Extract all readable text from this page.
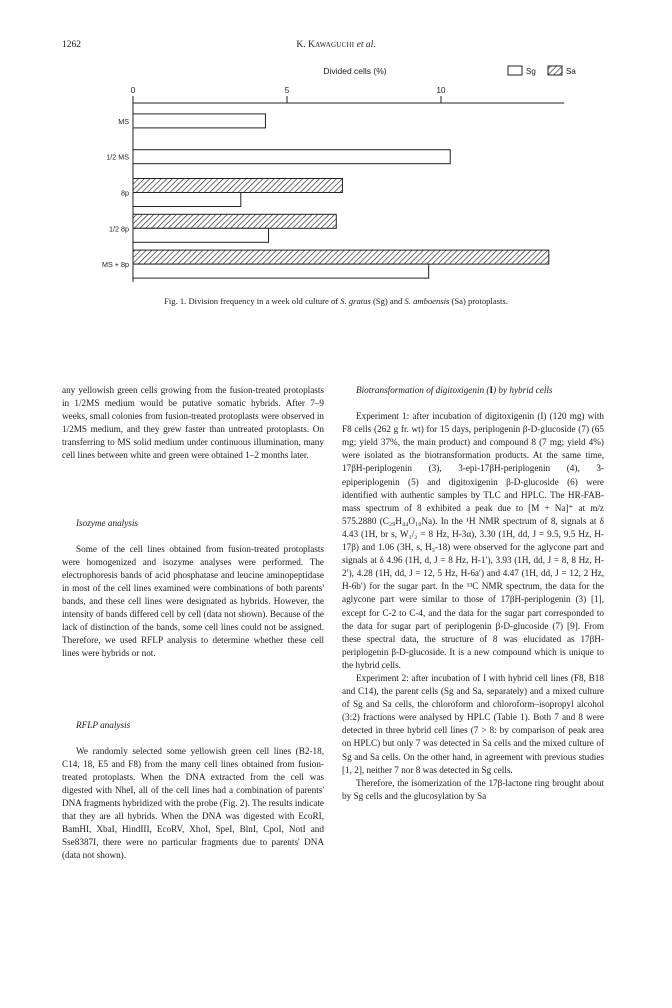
1262	K. Kawaguchi et al.
Divided cells (%)	Sg	Sa
0	5	10
MS
1/2 MS
8p
1/2 8p
MS + 8p
Fig. 1. Division frequency in a week old culture of S. gratus (Sg) and S. amboensis (Sa) protoplasts.

any yellowish green cells growing from the fusion-treated protoplasts in 1/2MS medium would be putative somatic hybrids. After 7–9 weeks, small colonies from fusion-treated protoplasts were observed in 1/2MS medium, and they grew faster than untreated protoplasts. On transferring to MS solid medium under continuous illumination, many cell lines between white and green were obtained 1–2 months later.

Isozyme analysis

Some of the cell lines obtained from fusion-treated protoplasts were homogenized and isozyme analyses were performed. The electrophoresis bands of acid phosphatase and leucine aminopeptidase in most of the cell lines examined were combinations of both parents' bands, and these cell lines were designated as hybrids. However, the intensity of bands differed cell by cell (data not shown). Because of the lack of distinction of the bands, some cell lines could not be assigned. Therefore, we used RFLP analysis to determine whether these cell lines were hybrids or not.

RFLP analysis

We randomly selected some yellowish green cell lines (B2-18, C14, 18, E5 and F8) from the many cell lines obtained from fusion-treated protoplasts. When the DNA extracted from the cell was digested with NheI, all of the cell lines had a combination of parents' DNA fragments hybridized with the probe (Fig. 2). The results indicate that they are all hybrids. When the DNA was digested with EcoRI, BamHI, XbaI, HindIII, EcoRV, XhoI, SpeI, BlnI, CpoI, NotI and Sse8387I, there were no particular fragments due to parents' DNA (data not shown).

Biotransformation of digitoxigenin (I) by hybrid cells

Experiment 1: after incubation of digitoxigenin (I) (120 mg) with F8 cells (262 g fr. wt) for 15 days, periplogenin β-D-glucoside (7) (65 mg; yield 37%, the main product) and compound 8 (7 mg; yield 4%) were isolated as the biotransformation products. At the same time, 17βH-periplogenin (3), 3-epi-17βH-periplogenin (4), 3-epiperiplogenin (5) and digitoxigenin β-D-glucoside (6) were identified with authentic samples by TLC and HPLC. The HR-FAB-mass spectrum of 8 exhibited a peak due to [M + Na]⁺ at m/z 575.2880 (C₂₉H₄₄O₁₀Na). In the ¹H NMR spectrum of 8, signals at δ 4.43 (1H, br s, W₁/₂ = 8 Hz, H-3α), 3.30 (1H, dd, J = 9.5, 9.5 Hz, H-17β) and 1.06 (3H, s, H₃-18) were observed for the aglycone part and signals at δ 4.96 (1H, d, J = 8 Hz, H-1′), 3.93 (1H, dd, J = 8, 8 Hz, H-2′), 4.28 (1H, dd, J = 12, 5 Hz, H-6a′) and 4.47 (1H, dd, J = 12, 2 Hz, H-6b′) for the sugar part. In the ¹³C NMR spectrum, the data for the aglycone part were similar to those of 17βH-periplogenin (3) [1], except for C-2 to C-4, and the data for the sugar part corresponded to the data for sugar part of periplogenin β-D-glucoside (7) [9]. From these spectral data, the structure of 8 was elucidated as 17βH-periplogenin β-D-glucoside. It is a new compound which is unique to the hybrid cells.

Experiment 2: after incubation of I with hybrid cell lines (F8, B18 and C14), the parent cells (Sg and Sa, separately) and a mixed culture of Sg and Sa cells, the chloroform and chloroform–isopropyl alcohol (3:2) fractions were analysed by HPLC (Table 1). Both 7 and 8 were detected in three hybrid cell lines (7 > 8: by comparison of peak area on HPLC) but only 7 was detected in Sa cells and the mixed culture of Sg and Sa cells. On the other hand, in agreement with previous studies [1, 2], neither 7 nor 8 was detected in Sg cells.

Therefore, the isomerization of the 17β-lactone ring brought about by Sg cells and the glucosylation by Sa
